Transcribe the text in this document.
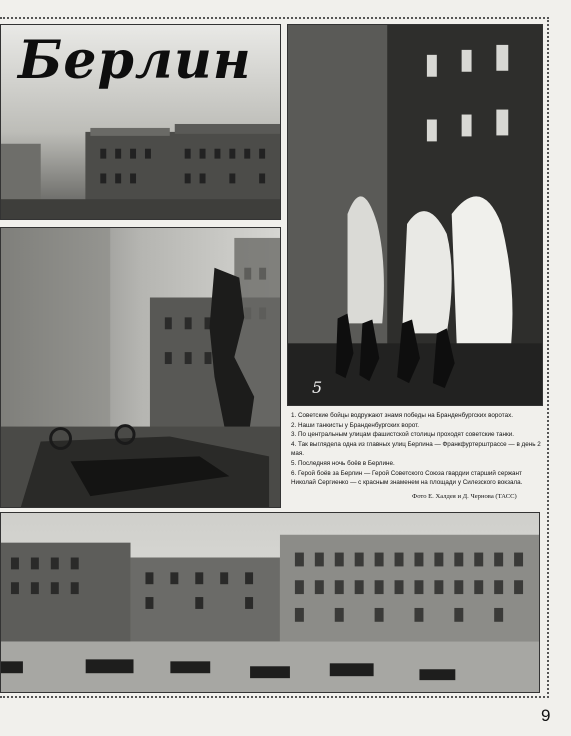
Берлин
5

1. Советские бойцы водружают знамя победы на Бранденбургских воротах.

2. Наши танкисты у Бранденбургских ворот.

3. По центральным улицам фашистской столицы проходят советские танки.

4. Так выглядела одна из главных улиц Берлина — Франкфуртерштрассе — в день 2 мая.

5. Последняя ночь боёв в Берлине.

6. Герой боёв за Берлин — Герой Советского Союза гвардии старший сержант Николай Сергиенко — с красным знаменем на площади у Силезского вокзала.

Фото Е. Халдея и Д. Чернова (ТАСС)
9
